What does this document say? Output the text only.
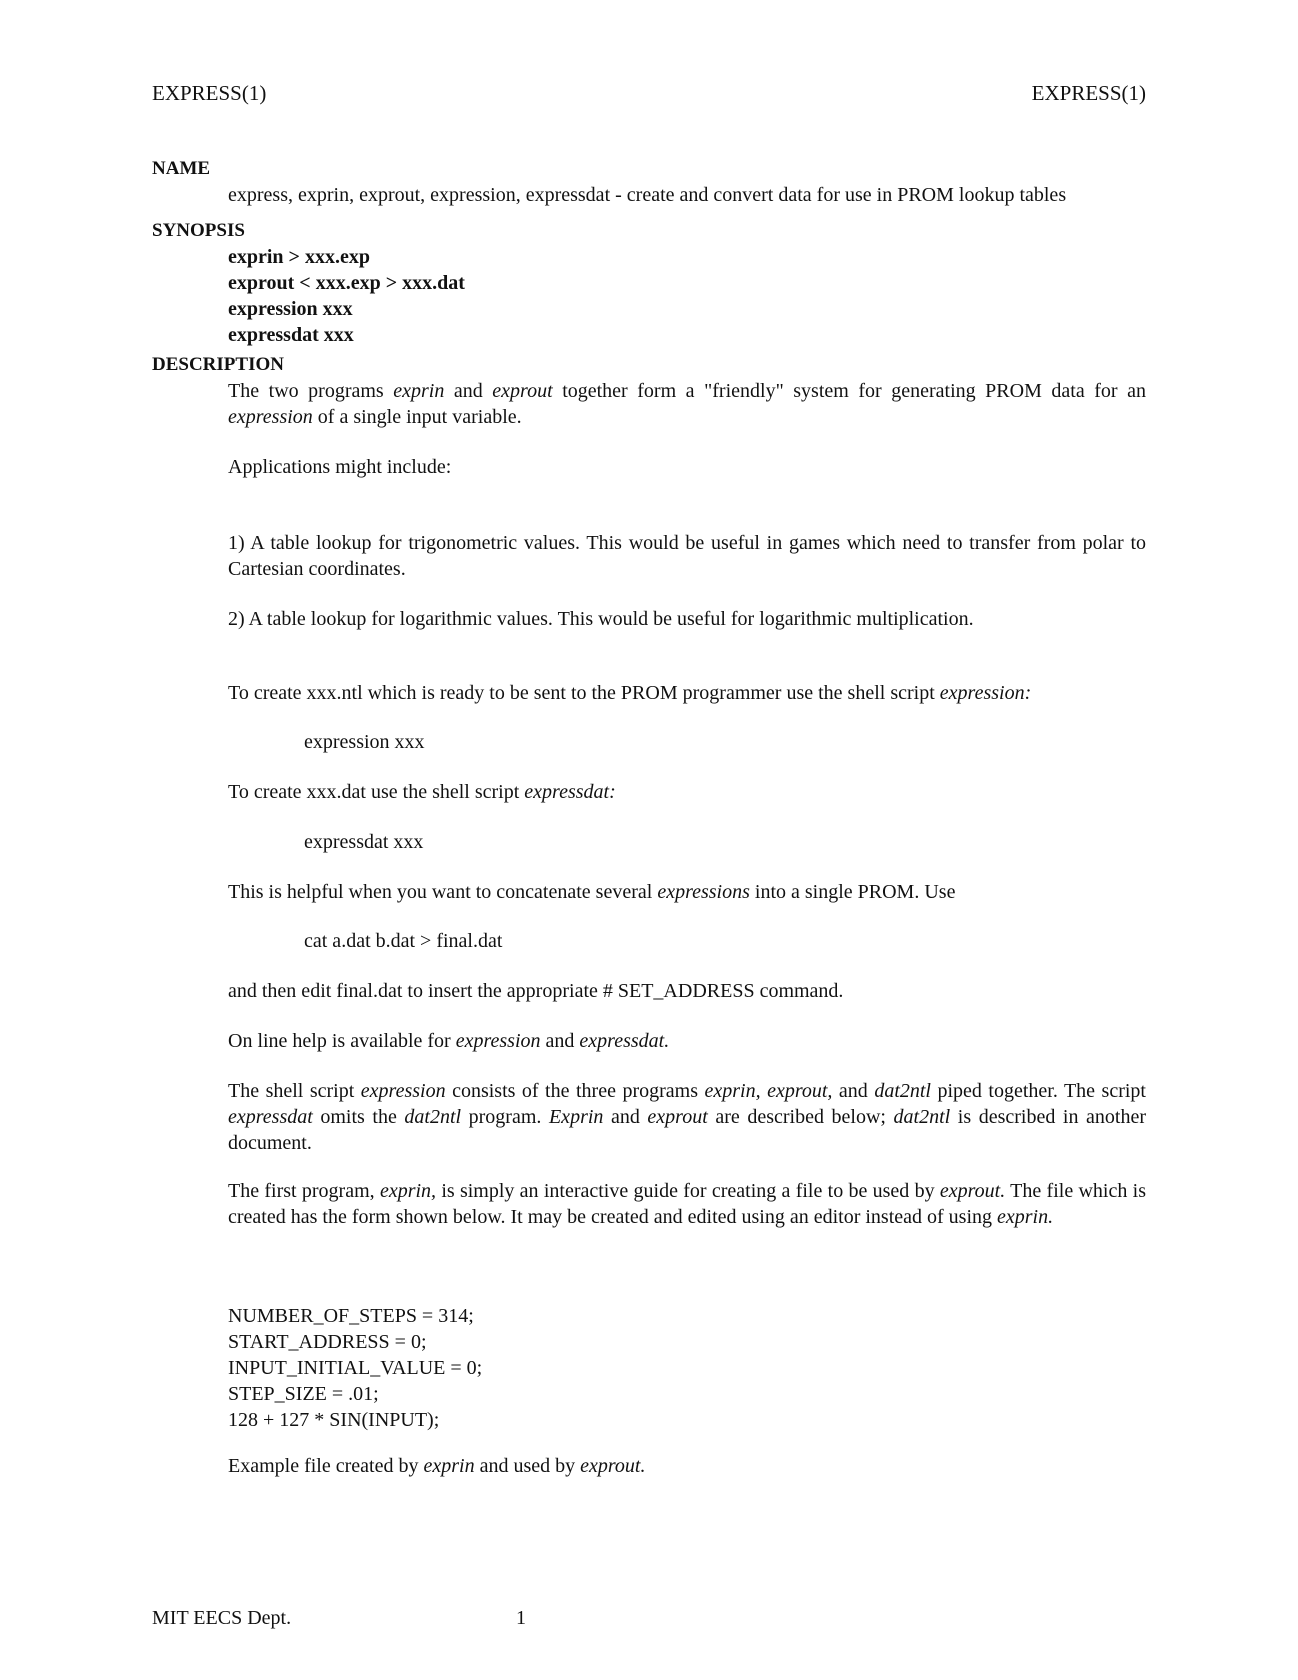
EXPRESS(1)	EXPRESS(1)
NAME
express, exprin, exprout, expression, expressdat - create and convert data for use in PROM lookup tables
SYNOPSIS
exprin > xxx.exp
exprout < xxx.exp > xxx.dat
expression xxx
expressdat xxx
DESCRIPTION

The two programs exprin and exprout together form a "friendly" system for generating PROM data for an expression of a single input variable.

Applications might include:

1) A table lookup for trigonometric values. This would be useful in games which need to transfer from polar to Cartesian coordinates.

2) A table lookup for logarithmic values. This would be useful for logarithmic multiplication.

To create xxx.ntl which is ready to be sent to the PROM programmer use the shell script expression:

expression xxx

To create xxx.dat use the shell script expressdat:

expressdat xxx

This is helpful when you want to concatenate several expressions into a single PROM. Use

cat a.dat b.dat > final.dat

and then edit final.dat to insert the appropriate # SET_ADDRESS command.

On line help is available for expression and expressdat.

The shell script expression consists of the three programs exprin, exprout, and dat2ntl piped together. The script expressdat omits the dat2ntl program. Exprin and exprout are described below; dat2ntl is described in another document.

The first program, exprin, is simply an interactive guide for creating a file to be used by exprout. The file which is created has the form shown below. It may be created and edited using an editor instead of using exprin.

NUMBER_OF_STEPS = 314;
START_ADDRESS = 0;
INPUT_INITIAL_VALUE = 0;
STEP_SIZE = .01;
128 + 127 * SIN(INPUT);

Example file created by exprin and used by exprout.

MIT EECS Dept.	1
